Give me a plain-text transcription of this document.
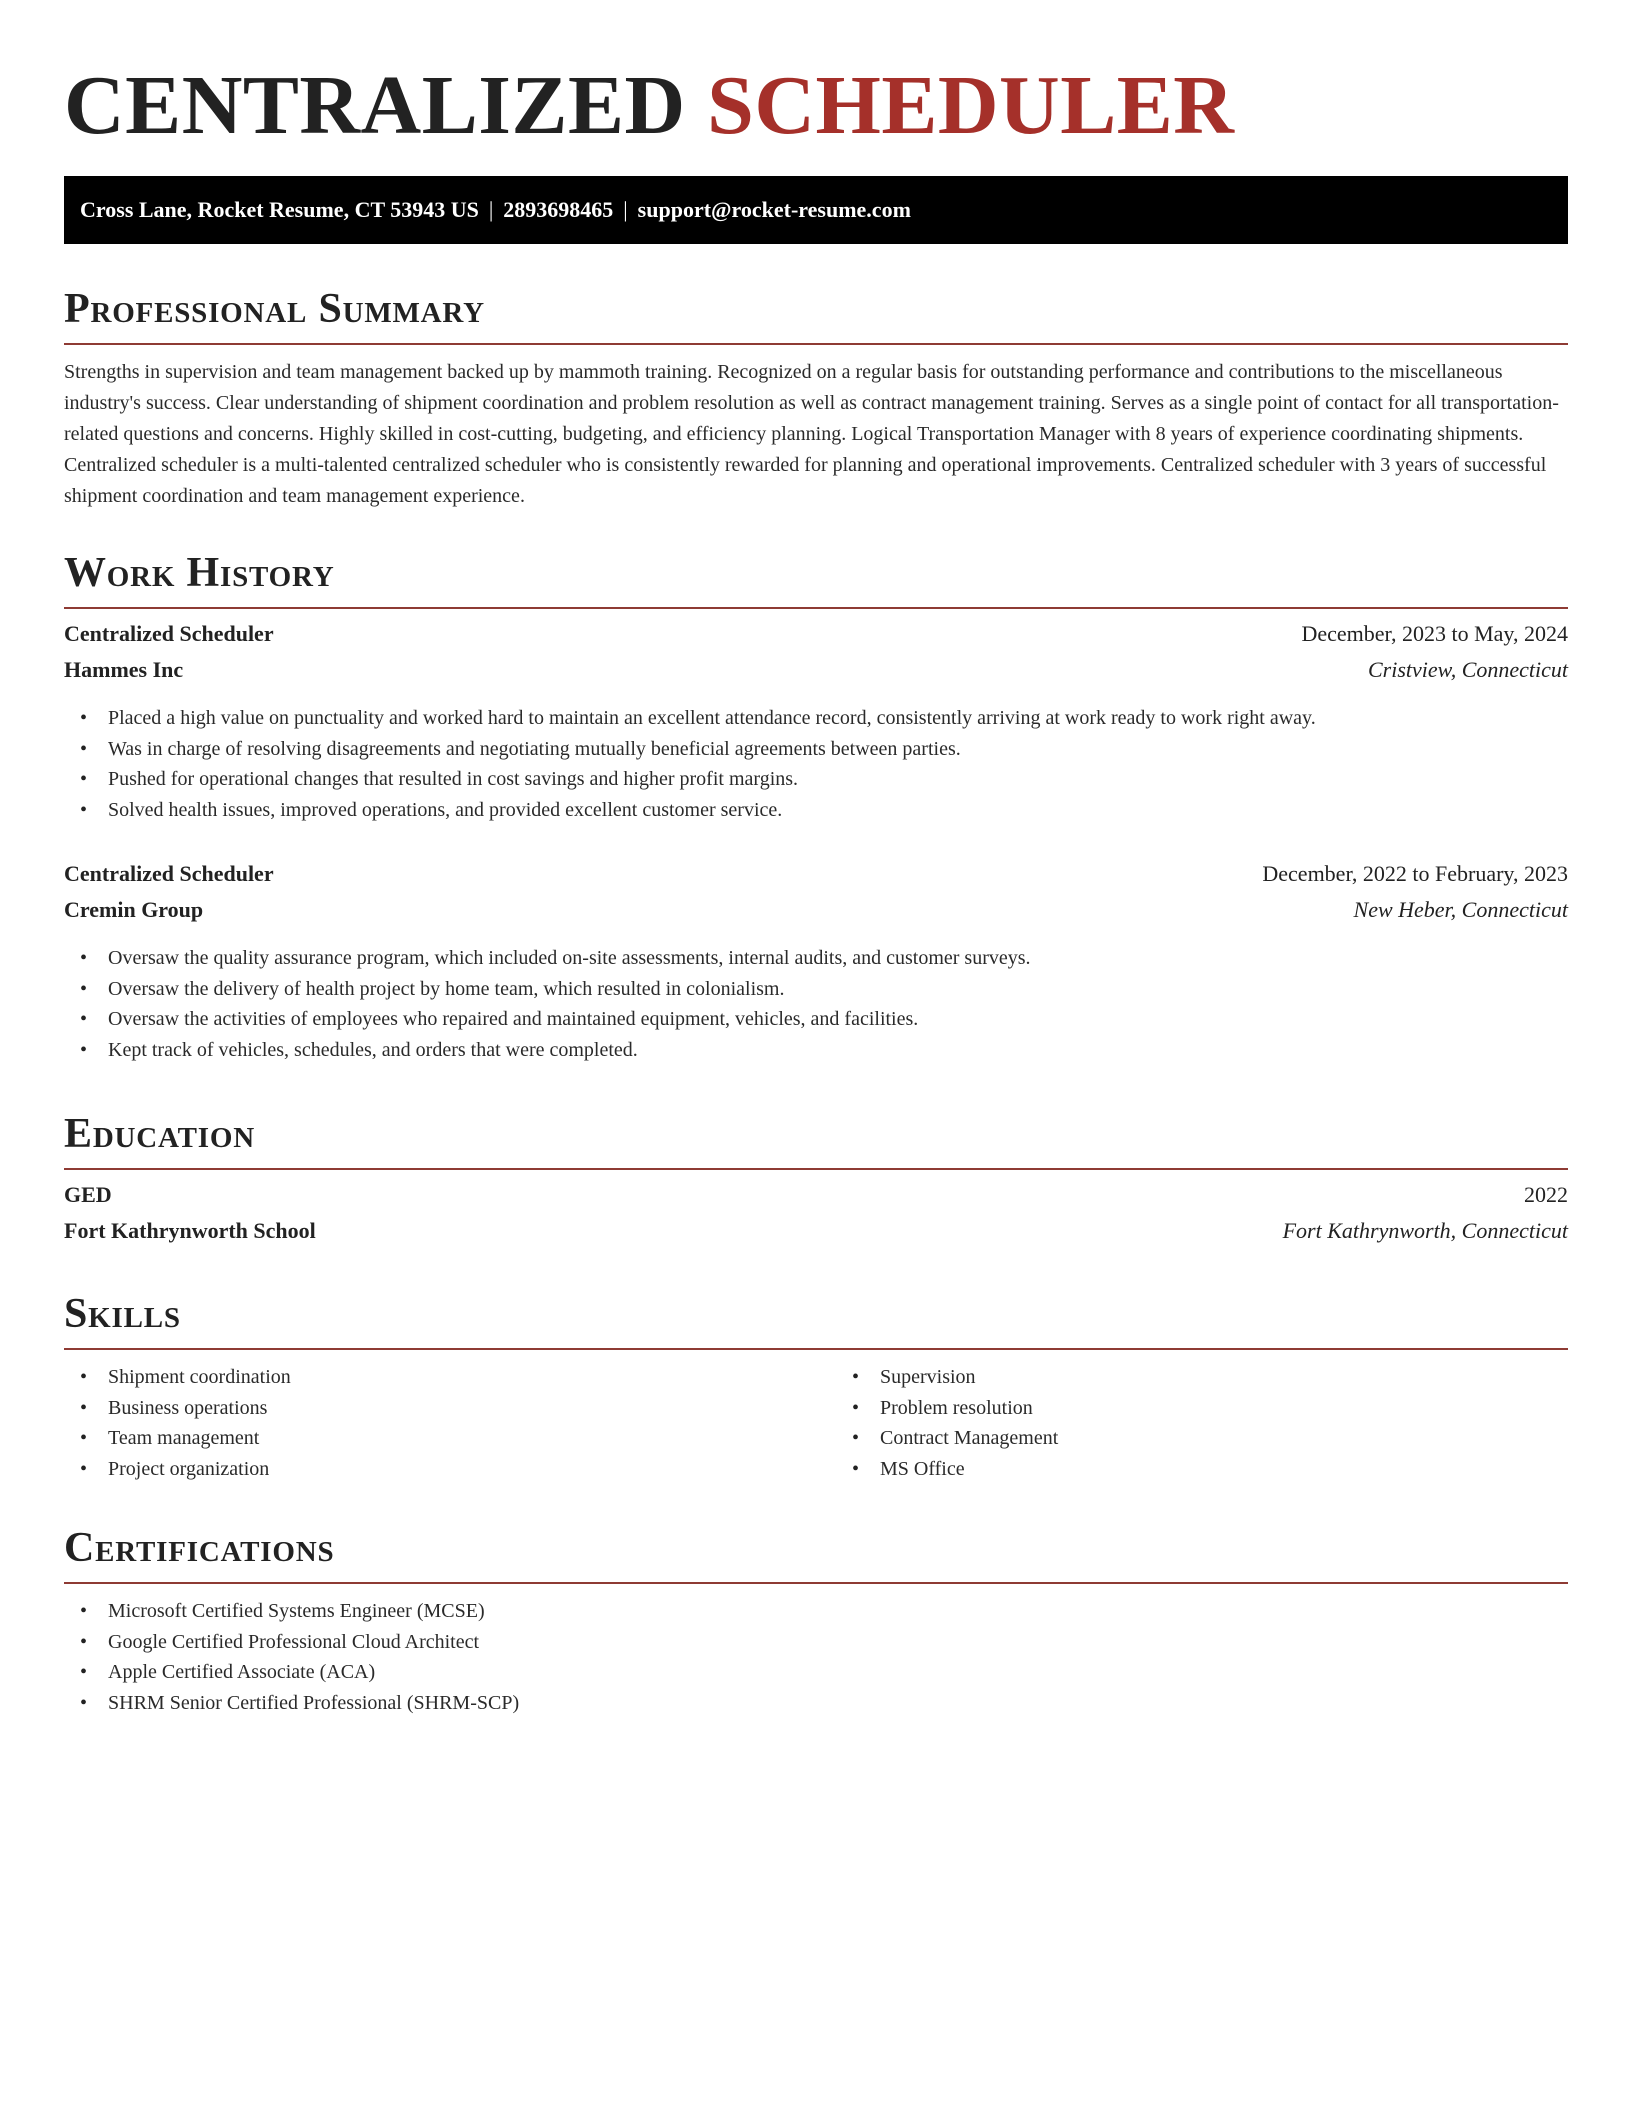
CENTRALIZED SCHEDULER
Cross Lane, Rocket Resume, CT 53943 US | 2893698465 | support@rocket-resume.com
Professional Summary

Strengths in supervision and team management backed up by mammoth training. Recognized on a regular basis for outstanding performance and contributions to the miscellaneous industry's success. Clear understanding of shipment coordination and problem resolution as well as contract management training. Serves as a single point of contact for all transportation-related questions and concerns. Highly skilled in cost-cutting, budgeting, and efficiency planning. Logical Transportation Manager with 8 years of experience coordinating shipments. Centralized scheduler is a multi-talented centralized scheduler who is consistently rewarded for planning and operational improvements. Centralized scheduler with 3 years of successful shipment coordination and team management experience.

Work History
Centralized Scheduler	December, 2023 to May, 2024
Hammes Inc	Cristview, Connecticut
• Placed a high value on punctuality and worked hard to maintain an excellent attendance record, consistently arriving at work ready to work right away.
• Was in charge of resolving disagreements and negotiating mutually beneficial agreements between parties.
• Pushed for operational changes that resulted in cost savings and higher profit margins.
• Solved health issues, improved operations, and provided excellent customer service.
Centralized Scheduler	December, 2022 to February, 2023
Cremin Group	New Heber, Connecticut
• Oversaw the quality assurance program, which included on-site assessments, internal audits, and customer surveys.
• Oversaw the delivery of health project by home team, which resulted in colonialism.
• Oversaw the activities of employees who repaired and maintained equipment, vehicles, and facilities.
• Kept track of vehicles, schedules, and orders that were completed.
Education
GED	2022
Fort Kathrynworth School	Fort Kathrynworth, Connecticut
Skills
• Shipment coordination
• Business operations
• Team management
• Project organization
• Supervision
• Problem resolution
• Contract Management
• MS Office
Certifications
• Microsoft Certified Systems Engineer (MCSE)
• Google Certified Professional Cloud Architect
• Apple Certified Associate (ACA)
• SHRM Senior Certified Professional (SHRM-SCP)
